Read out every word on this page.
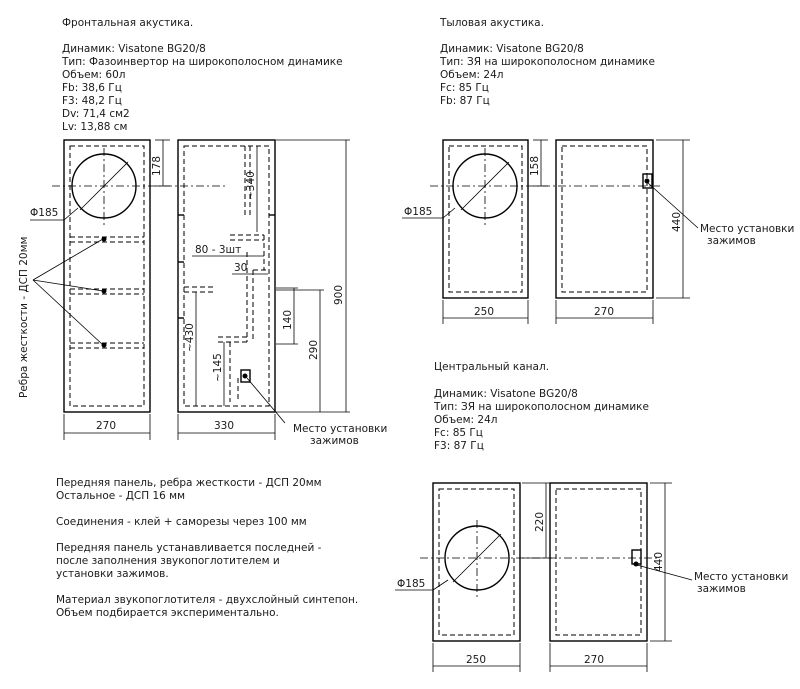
Фронтальная акустика.
Динамик: Visatone BG20/8
Тип: Фазоинвертор на широкополосном динамике
Объем: 60л
Fb: 38,6 Гц
F3: 48,2 Гц
Dv: 71,4 см2
Lv: 13,88 см
178
Φ185
Ребра жесткости - ДСП 20мм
270
~340
80 - 3шт
30
140
290
900
~430
~145
330	Место установки
зажимов
Тыловая акустика.
Динамик: Visatone BG20/8
Тип: ЗЯ на широкополосном динамике
Объем: 24л
Fc: 85 Гц
Fb: 87 Гц
158
Φ185
250
440
270
Место установки
зажимов
Центральный канал.
Динамик: Visatone BG20/8
Тип: ЗЯ на широкополосном динамике
Объем: 24л
Fc: 85 Гц
F3: 87 Гц
220
Φ185
250
440
270
Место установки
зажимов
Передняя панель, ребра жесткости - ДСП 20мм
Остальное - ДСП 16 мм
Соединения - клей + саморезы через 100 мм
Передняя панель устанавливается последней -
после заполнения звукопоглотителем и
установки зажимов.
Материал звукопоглотителя - двухслойный синтепон.
Объем подбирается экспериментально.
